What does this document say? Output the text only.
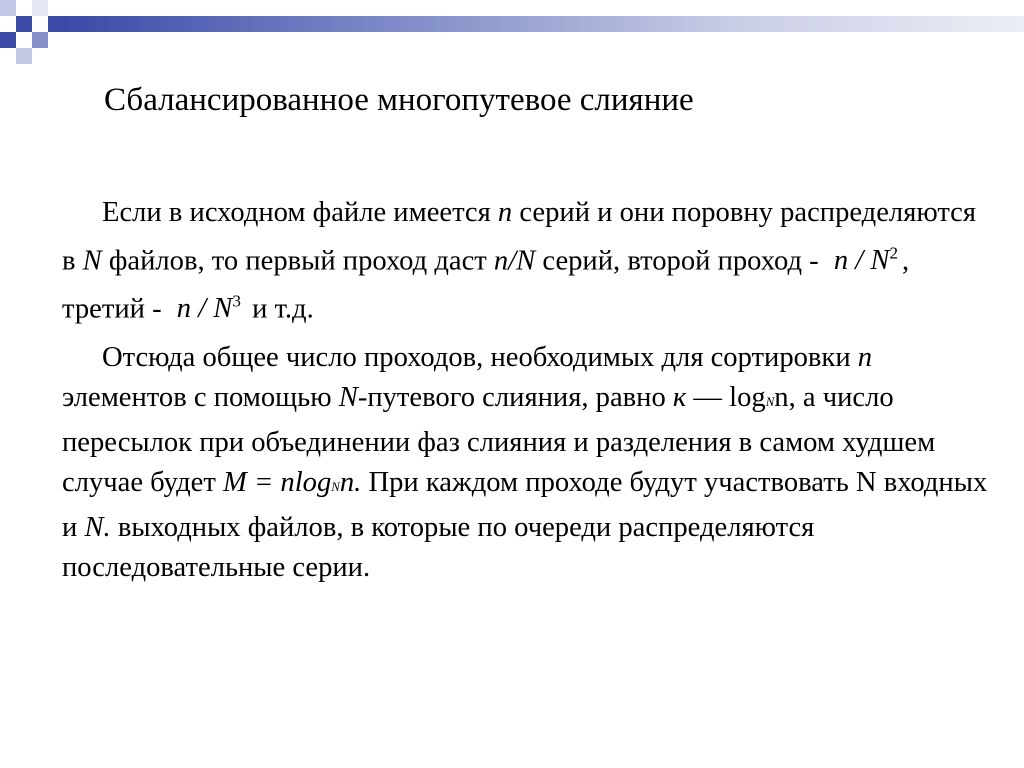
Сбалансированное многопутевое слияние

Если в исходном файле имеется n серий и они поровну распределяются в N файлов, то первый проход даст n/N серий, второй проход - n / $N^2$ , третий - n / $N^3$ и т.д.

Отсюда общее число проходов, необходимых для сортировки n элементов с помощью N-путевого слияния, равно к — logNn, а число пересылок при объединении фаз слияния и разделения в самом худшем случае будет М = nlogNn. При каждом проходе будут участвовать N входных и N. выходных файлов, в которые по очереди распределяются последовательные серии.
